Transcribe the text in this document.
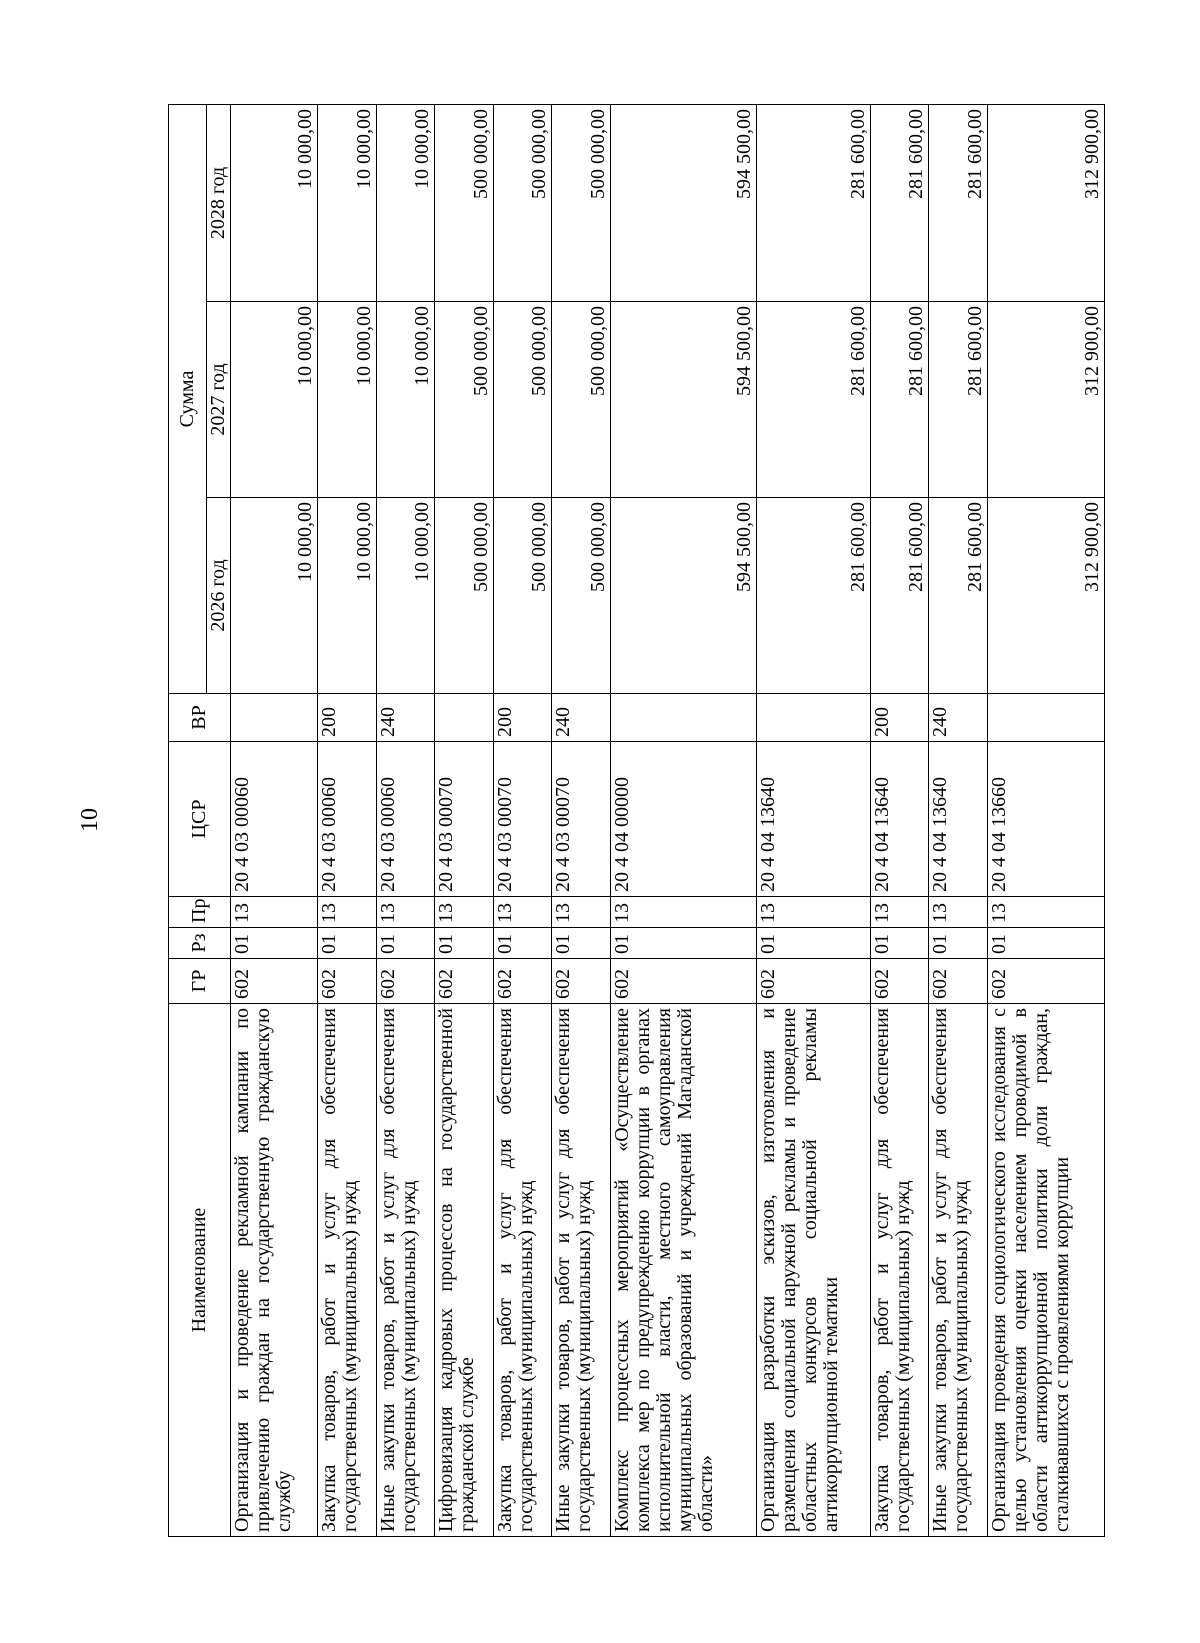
10
Наименование	ГР	Рз	Пр	ЦСР	ВР	Сумма		
						2026 год	2027 год	2028 год
Организация и проведение рекламной кампании по привлечению граждан на государственную гражданскую службу	602	01	13	20 4 03 00060		10 000,00	10 000,00	10 000,00
Закупка товаров, работ и услуг для обеспечения государственных (муниципальных) нужд	602	01	13	20 4 03 00060	200	10 000,00	10 000,00	10 000,00
Иные закупки товаров, работ и услуг для обеспечения государственных (муниципальных) нужд	602	01	13	20 4 03 00060	240	10 000,00	10 000,00	10 000,00
Цифровизация кадровых процессов на государственной гражданской службе	602	01	13	20 4 03 00070		500 000,00	500 000,00	500 000,00
Закупка товаров, работ и услуг для обеспечения государственных (муниципальных) нужд	602	01	13	20 4 03 00070	200	500 000,00	500 000,00	500 000,00
Иные закупки товаров, работ и услуг для обеспечения государственных (муниципальных) нужд	602	01	13	20 4 03 00070	240	500 000,00	500 000,00	500 000,00
Комплекс процессных мероприятий «Осуществление комплекса мер по предупреждению коррупции в органах исполнительной власти, местного самоуправления муниципальных образований и учреждений Магаданской области»	602	01	13	20 4 04 00000		594 500,00	594 500,00	594 500,00
Организация разработки эскизов, изготовления и размещения социальной наружной рекламы и проведение областных конкурсов социальной рекламы антикоррупционной тематики	602	01	13	20 4 04 13640		281 600,00	281 600,00	281 600,00
Закупка товаров, работ и услуг для обеспечения государственных (муниципальных) нужд	602	01	13	20 4 04 13640	200	281 600,00	281 600,00	281 600,00
Иные закупки товаров, работ и услуг для обеспечения государственных (муниципальных) нужд	602	01	13	20 4 04 13640	240	281 600,00	281 600,00	281 600,00
Организация проведения социологического исследования с целью установления оценки населением проводимой в области антикоррупционной политики доли граждан, сталкивавшихся с проявлениями коррупции	602	01	13	20 4 04 13660		312 900,00	312 900,00	312 900,00
